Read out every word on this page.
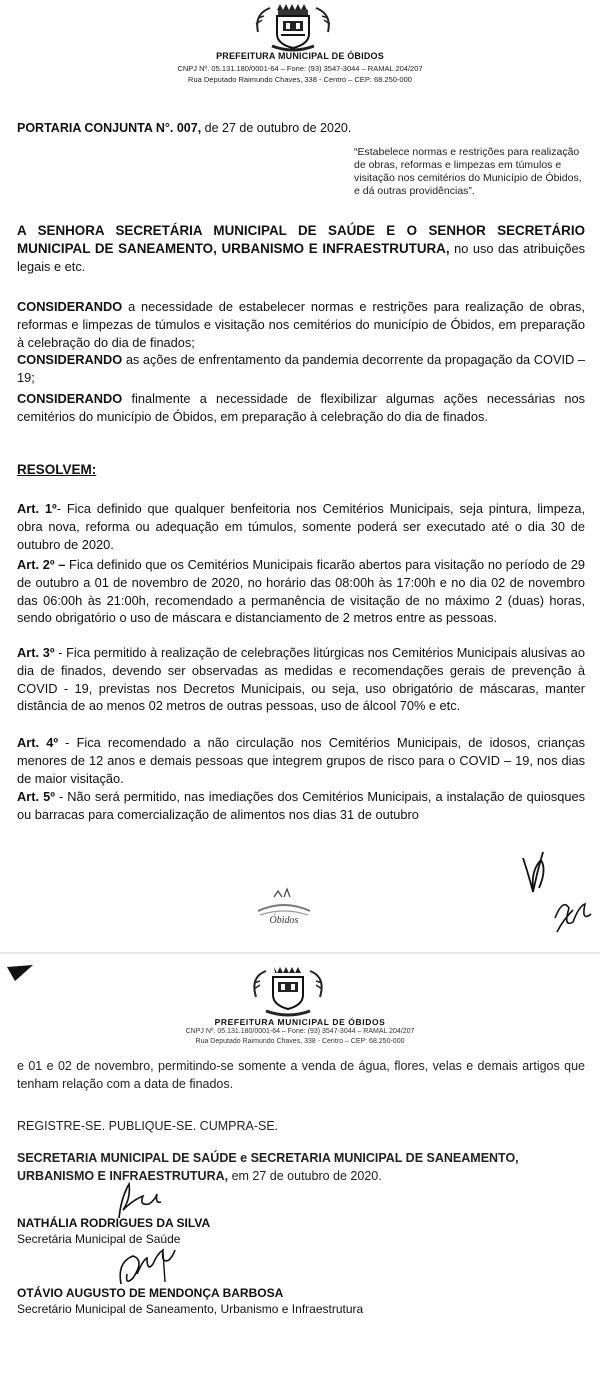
PREFEITURA MUNICIPAL DE ÓBIDOS
CNPJ Nº. 05.131.180/0001-64 – Fone: (93) 3547-3044 – RAMAL 204/207
Rua Deputado Raimundo Chaves, 338 - Centro – CEP: 68.250-000
PORTARIA CONJUNTA N°. 007, de 27 de outubro de 2020.
“Estabelece normas e restrições para realização de obras, reformas e limpezas em túmulos e visitação nos cemitérios do Município de Óbidos, e dá outras providências”.
A SENHORA SECRETÁRIA MUNICIPAL DE SAÚDE E O SENHOR SECRETÁRIO MUNICIPAL DE SANEAMENTO, URBANISMO E INFRAESTRUTURA, no uso das atribuições legais e etc.
CONSIDERANDO a necessidade de estabelecer normas e restrições para realização de obras, reformas e limpezas de túmulos e visitação nos cemitérios do município de Óbidos, em preparação à celebração do dia de finados;
CONSIDERANDO as ações de enfrentamento da pandemia decorrente da propagação da COVID – 19;
CONSIDERANDO finalmente a necessidade de flexibilizar algumas ações necessárias nos cemitérios do município de Óbidos, em preparação à celebração do dia de finados.
RESOLVEM:
Art. 1º- Fica definido que qualquer benfeitoria nos Cemitérios Municipais, seja pintura, limpeza, obra nova, reforma ou adequação em túmulos, somente poderá ser executado até o dia 30 de outubro de 2020.
Art. 2º – Fica definido que os Cemitérios Municipais ficarão abertos para visitação no período de 29 de outubro a 01 de novembro de 2020, no horário das 08:00h às 17:00h e no dia 02 de novembro das 06:00h às 21:00h, recomendado a permanência de visitação de no máximo 2 (duas) horas, sendo obrigatório o uso de máscara e distanciamento de 2 metros entre as pessoas.
Art. 3º - Fica permitido à realização de celebrações litúrgicas nos Cemitérios Municipais alusivas ao dia de finados, devendo ser observadas as medidas e recomendações gerais de prevenção à COVID - 19, previstas nos Decretos Municipais, ou seja, uso obrigatório de máscaras, manter distância de ao menos 02 metros de outras pessoas, uso de álcool 70% e etc.
Art. 4º - Fica recomendado a não circulação nos Cemitérios Municipais, de idosos, crianças menores de 12 anos e demais pessoas que integrem grupos de risco para o COVID – 19, nos dias de maior visitação.
Art. 5º - Não será permitido, nas imediações dos Cemitérios Municipais, a instalação de quiosques ou barracas para comercialização de alimentos nos dias 31 de outubro
Óbidos
PREFEITURA MUNICIPAL DE ÓBIDOS
CNPJ Nº. 05.131.180/0001-64 – Fone: (93) 3547-3044 – RAMAL 204/207
Rua Deputado Raimundo Chaves, 338 - Centro – CEP: 68.250-000
e 01 e 02 de novembro, permitindo-se somente a venda de água, flores, velas e demais artigos que tenham relação com a data de finados.
REGISTRE-SE. PUBLIQUE-SE. CUMPRA-SE.
SECRETARIA MUNICIPAL DE SAÚDE e SECRETARIA MUNICIPAL DE SANEAMENTO, URBANISMO E INFRAESTRUTURA, em 27 de outubro de 2020.
NATHÁLIA RODRIGUES DA SILVA
Secretária Municipal de Saúde
OTÁVIO AUGUSTO DE MENDONÇA BARBOSA
Secretário Municipal de Saneamento, Urbanismo e Infraestrutura
